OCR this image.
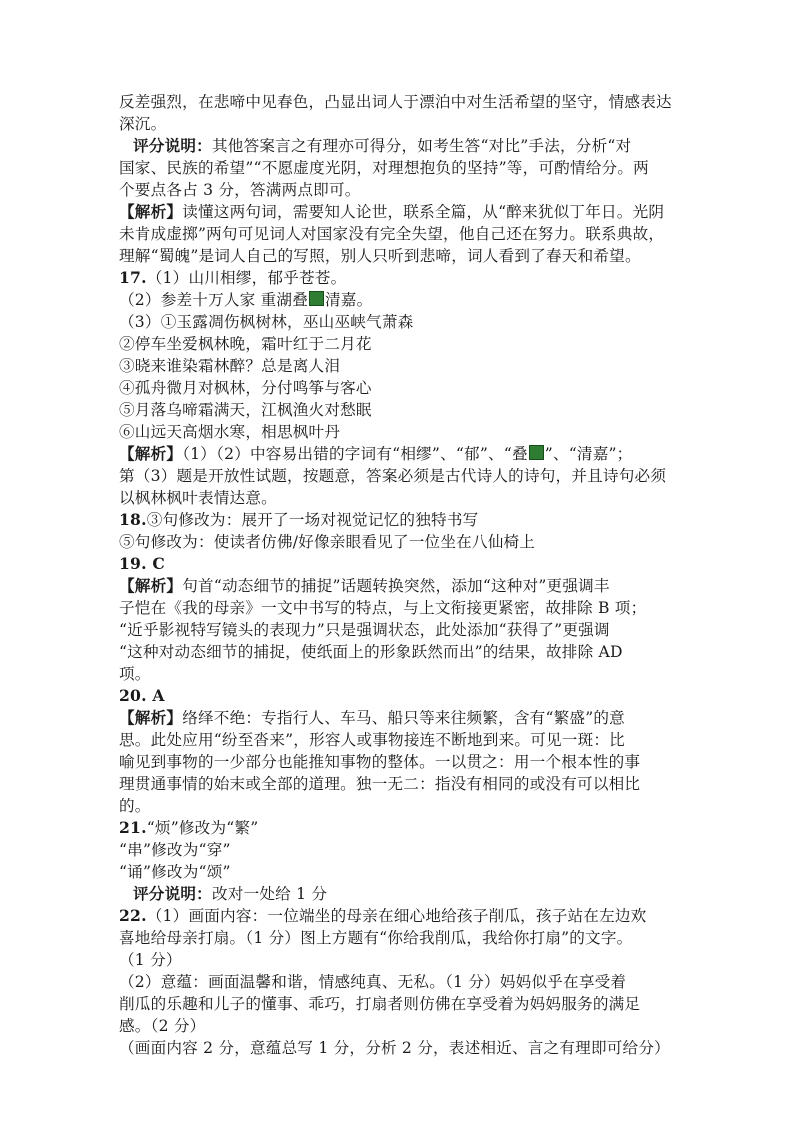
反差强烈，在悲啼中见春色，凸显出词人于漂泊中对生活希望的坚守，情感表达
深沉。
评分说明：其他答案言之有理亦可得分，如考生答“对比”手法，分析“对
国家、民族的希望”“不愿虚度光阴，对理想抱负的坚持”等，可酌情给分。两
个要点各占 3 分，答满两点即可。
【解析】读懂这两句词，需要知人论世，联系全篇，从“醉来犹似丁年日。光阴
未肯成虚掷”两句可见词人对国家没有完全失望，他自己还在努力。联系典故，
理解“蜀魄”是词人自己的写照，别人只听到悲啼，词人看到了春天和希望。
17.（1）山川相缪，郁乎苍苍。
（2）参差十万人家 重湖叠 清嘉。
（3）①玉露凋伤枫树林，巫山巫峡气萧森
②停车坐爱枫林晚，霜叶红于二月花
③晓来谁染霜林醉？总是离人泪
④孤舟微月对枫林，分付鸣筝与客心
⑤月落乌啼霜满天，江枫渔火对愁眠
⑥山远天高烟水寒，相思枫叶丹
【解析】（1）（2）中容易出错的字词有“相缪”、“郁”、“叠 ”、“清嘉”；
第（3）题是开放性试题，按题意，答案必须是古代诗人的诗句，并且诗句必须
以枫林枫叶表情达意。
18.③句修改为：展开了一场对视觉记忆的独特书写
⑤句修改为：使读者仿佛/好像亲眼看见了一位坐在八仙椅上
19. C
【解析】句首“动态细节的捕捉”话题转换突然，添加“这种对”更强调丰
子恺在《我的母亲》一文中书写的特点，与上文衔接更紧密，故排除 B 项；
“近乎影视特写镜头的表现力”只是强调状态，此处添加“获得了”更强调
“这种对动态细节的捕捉，使纸面上的形象跃然而出”的结果，故排除 AD
项。
20. A
【解析】络绎不绝：专指行人、车马、船只等来往频繁，含有“繁盛”的意
思。此处应用“纷至沓来”，形容人或事物接连不断地到来。可见一斑：比
喻见到事物的一少部分也能推知事物的整体。一以贯之：用一个根本性的事
理贯通事情的始末或全部的道理。独一无二：指没有相同的或没有可以相比
的。
21.“烦”修改为“繁”
“串”修改为“穿”
“诵”修改为“颂”
评分说明：改对一处给 1 分
22.（1）画面内容：一位端坐的母亲在细心地给孩子削瓜，孩子站在左边欢
喜地给母亲打扇。（1 分）图上方题有“你给我削瓜，我给你打扇”的文字。
（1 分）
（2）意蕴：画面温馨和谐，情感纯真、无私。（1 分）妈妈似乎在享受着
削瓜的乐趣和儿子的懂事、乖巧，打扇者则仿佛在享受着为妈妈服务的满足
感。（2 分）
（画面内容 2 分，意蕴总写 1 分，分析 2 分，表述相近、言之有理即可给分）
